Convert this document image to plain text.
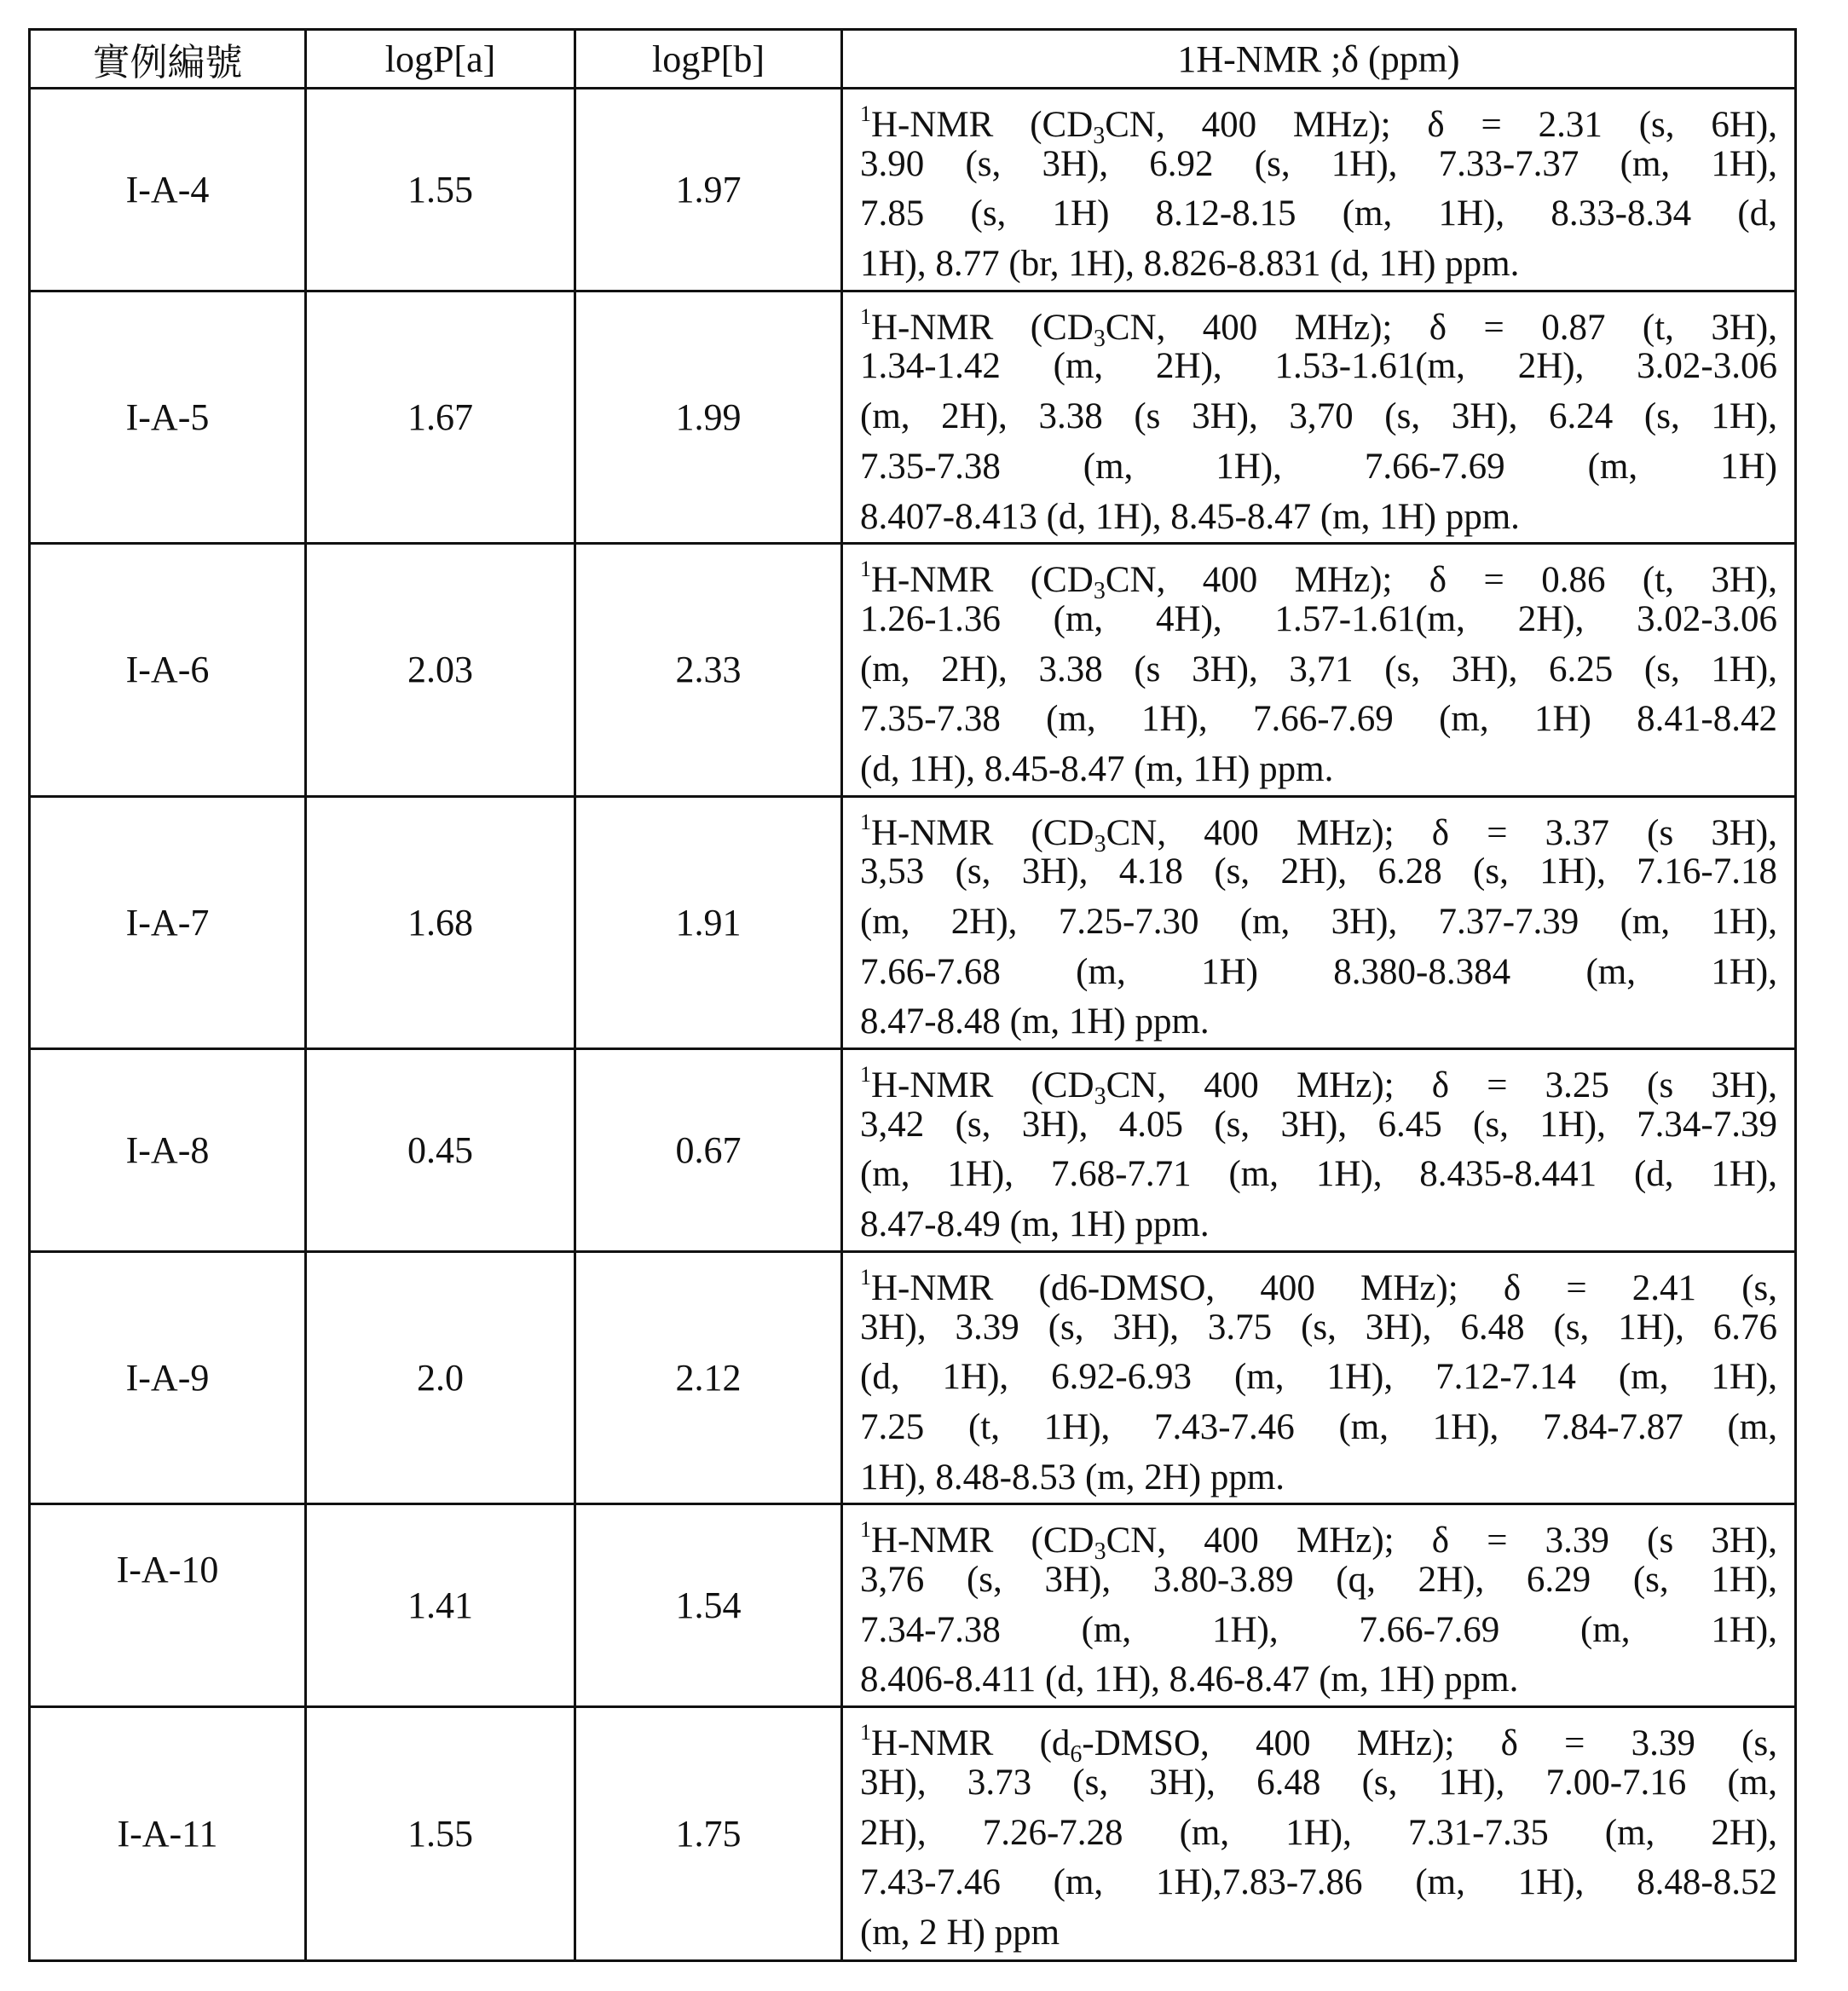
實例編號	logP[a]	logP[b]	1H-NMR ;δ (ppm)
I-A-4	1.55	1.97	
1H-NMR (CD3CN, 400 MHz); δ = 2.31 (s, 6H),
3.90 (s, 3H), 6.92 (s, 1H), 7.33-7.37 (m, 1H),
7.85 (s, 1H) 8.12-8.15 (m, 1H), 8.33-8.34 (d,
1H), 8.77 (br, 1H), 8.826-8.831 (d, 1H) ppm.

I-A-5	1.67	1.99	
1H-NMR (CD3CN, 400 MHz); δ = 0.87 (t, 3H),
1.34-1.42 (m, 2H), 1.53-1.61(m, 2H), 3.02-3.06
(m, 2H), 3.38 (s 3H), 3,70 (s, 3H), 6.24 (s, 1H),
7.35-7.38 (m, 1H), 7.66-7.69 (m, 1H)
8.407-8.413 (d, 1H), 8.45-8.47 (m, 1H) ppm.

I-A-6	2.03	2.33	
1H-NMR (CD3CN, 400 MHz); δ = 0.86 (t, 3H),
1.26-1.36 (m, 4H), 1.57-1.61(m, 2H), 3.02-3.06
(m, 2H), 3.38 (s 3H), 3,71 (s, 3H), 6.25 (s, 1H),
7.35-7.38 (m, 1H), 7.66-7.69 (m, 1H) 8.41-8.42
(d, 1H), 8.45-8.47 (m, 1H) ppm.

I-A-7	1.68	1.91	
1H-NMR (CD3CN, 400 MHz); δ = 3.37 (s 3H),
3,53 (s, 3H), 4.18 (s, 2H), 6.28 (s, 1H), 7.16-7.18
(m, 2H), 7.25-7.30 (m, 3H), 7.37-7.39 (m, 1H),
7.66-7.68 (m, 1H) 8.380-8.384 (m, 1H),
8.47-8.48 (m, 1H) ppm.

I-A-8	0.45	0.67	
1H-NMR (CD3CN, 400 MHz); δ = 3.25 (s 3H),
3,42 (s, 3H), 4.05 (s, 3H), 6.45 (s, 1H), 7.34-7.39
(m, 1H), 7.68-7.71 (m, 1H), 8.435-8.441 (d, 1H),
8.47-8.49 (m, 1H) ppm.

I-A-9	2.0	2.12	
1H-NMR (d6-DMSO, 400 MHz); δ = 2.41 (s,
3H), 3.39 (s, 3H), 3.75 (s, 3H), 6.48 (s, 1H), 6.76
(d, 1H), 6.92-6.93 (m, 1H), 7.12-7.14 (m, 1H),
7.25 (t, 1H), 7.43-7.46 (m, 1H), 7.84-7.87 (m,
1H), 8.48-8.53 (m, 2H) ppm.

I-A-10	1.41	1.54	
1H-NMR (CD3CN, 400 MHz); δ = 3.39 (s 3H),
3,76 (s, 3H), 3.80-3.89 (q, 2H), 6.29 (s, 1H),
7.34-7.38 (m, 1H), 7.66-7.69 (m, 1H),
8.406-8.411 (d, 1H), 8.46-8.47 (m, 1H) ppm.

I-A-11	1.55	1.75	
1H-NMR (d6-DMSO, 400 MHz); δ = 3.39 (s,
3H), 3.73 (s, 3H), 6.48 (s, 1H), 7.00-7.16 (m,
2H), 7.26-7.28 (m, 1H), 7.31-7.35 (m, 2H),
7.43-7.46 (m, 1H),7.83-7.86 (m, 1H), 8.48-8.52
(m, 2 H) ppm
